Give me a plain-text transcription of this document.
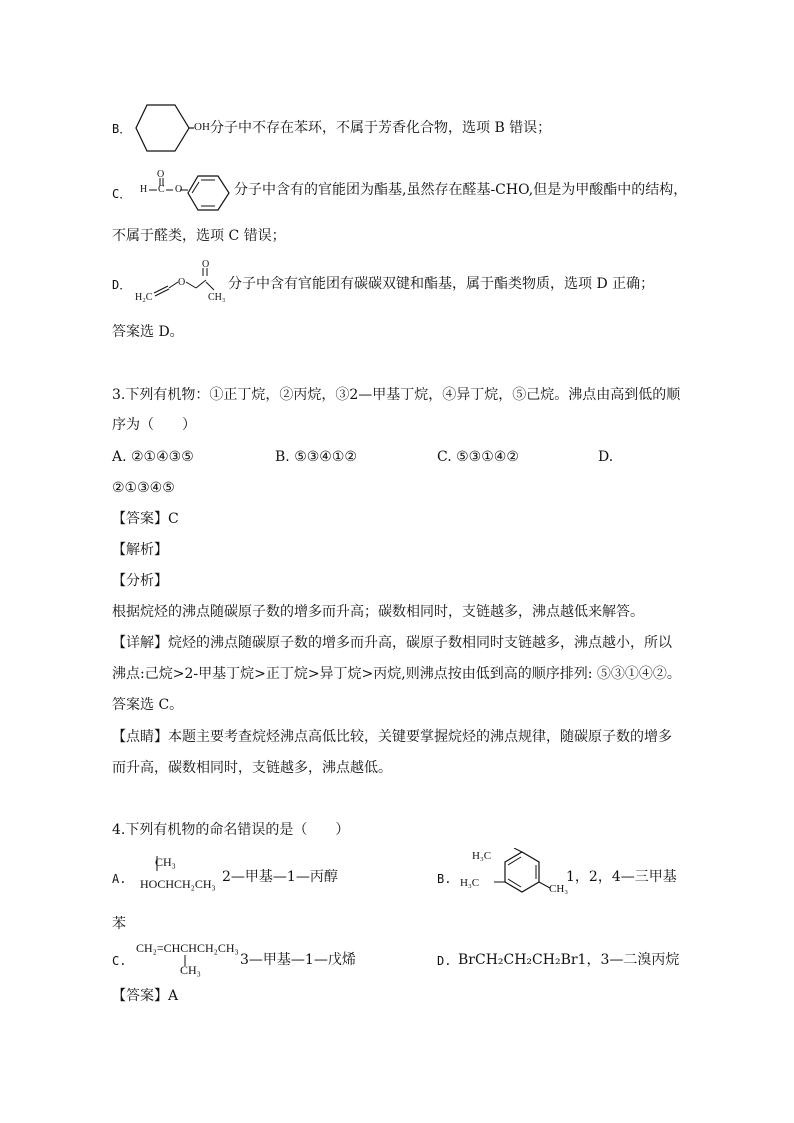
B．	OH 分子中不存在苯环，不属于芳香化合物，选项 B 错误；
C． H C
O
O	分子中含有的官能团为酯基,虽然存在醛基-CHO,但是为甲酸酯中的结构，
不属于醛类，选项 C 错误；
D．
H₂C
O
O
CH₃
分子中含有官能团有碳碳双键和酯基，属于酯类物质，选项 D 正确；
答案选 D。
3.下列有机物：①正丁烷，②丙烷，③2—甲基丁烷，④异丁烷，⑤己烷。沸点由高到低的顺
序为（　　）
A. ②①④③⑤	B. ⑤③④①②	C. ⑤③①④②	D.
②①③④⑤
【答案】C
【解析】
【分析】
根据烷烃的沸点随碳原子数的增多而升高；碳数相同时，支链越多，沸点越低来解答。
【详解】烷烃的沸点随碳原子数的增多而升高，碳原子数相同时支链越多，沸点越小，所以
沸点:己烷>2-甲基丁烷>正丁烷>异丁烷>丙烷,则沸点按由低到高的顺序排列: ⑤③①④②。
答案选 C。
【点睛】本题主要考查烷烃沸点高低比较，关键要掌握烷烃的沸点规律，随碳原子数的增多
而升高，碳数相同时，支链越多，沸点越低。
4.下列有机物的命名错误的是（　　）
A.
CH₃
HOCHCH₂CH₃ 2—甲基—1—丙醇	B.
H₃C
H₃C	CH₃
1，2，4—三甲基
苯
C.
CH₂=CHCHCH₂CH₃
CH₃
3—甲基—1—戊烯	D. BrCH₂CH₂CH₂Br1，3—二溴丙烷
【答案】A
